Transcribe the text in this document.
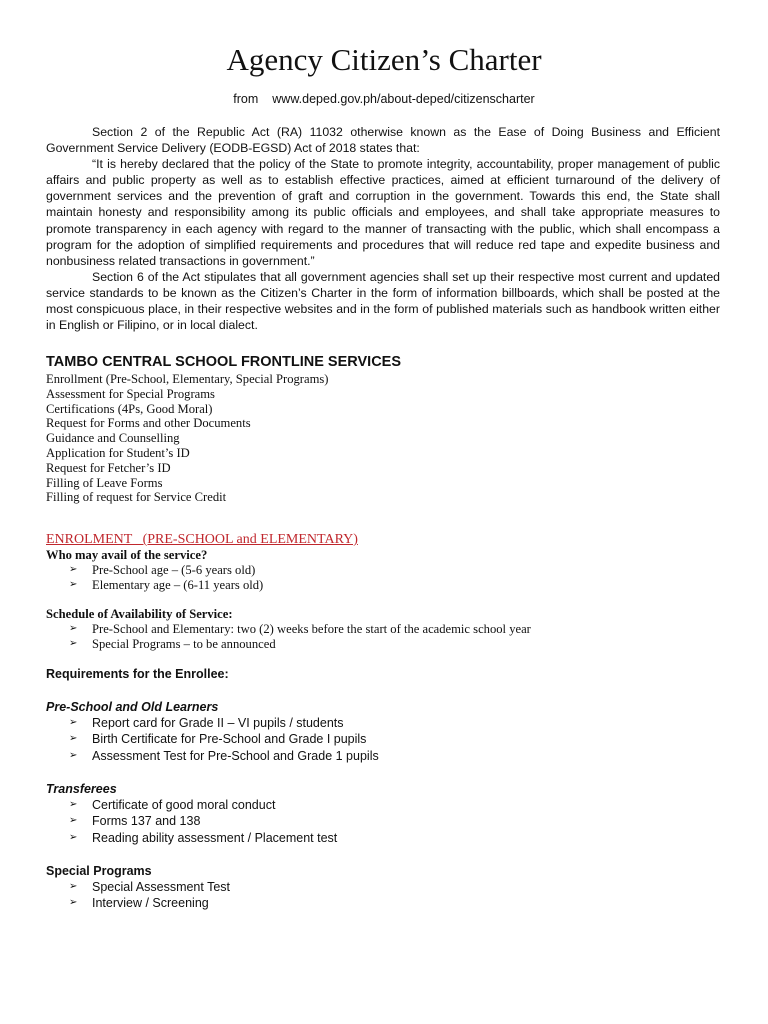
Agency Citizen’s Charter
from www.deped.gov.ph/about-deped/citizenscharter

Section 2 of the Republic Act (RA) 11032 otherwise known as the Ease of Doing Business and Efficient Government Service Delivery (EODB-EGSD) Act of 2018 states that:

“It is hereby declared that the policy of the State to promote integrity, accountability, proper management of public affairs and public property as well as to establish effective practices, aimed at efficient turnaround of the delivery of government services and the prevention of graft and corruption in the government. Towards this end, the State shall maintain honesty and responsibility among its public officials and employees, and shall take appropriate measures to promote transparency in each agency with regard to the manner of transacting with the public, which shall encompass a program for the adoption of simplified requirements and procedures that will reduce red tape and expedite business and nonbusiness related transactions in government.”

Section 6 of the Act stipulates that all government agencies shall set up their respective most current and updated service standards to be known as the Citizen’s Charter in the form of information billboards, which shall be posted at the most conspicuous place, in their respective websites and in the form of published materials such as handbook written either in English or Filipino, or in local dialect.

TAMBO CENTRAL SCHOOL FRONTLINE SERVICES
Enrollment (Pre-School, Elementary, Special Programs)
Assessment for Special Programs
Certifications (4Ps, Good Moral)
Request for Forms and other Documents
Guidance and Counselling
Application for Student’s ID
Request for Fetcher’s ID
Filling of Leave Forms
Filling of request for Service Credit
ENROLMENT   (PRE-SCHOOL and ELEMENTARY)
Who may avail of the service?
➢ Pre-School age – (5-6 years old)
➢ Elementary age – (6-11 years old)
Schedule of Availability of Service:
➢ Pre-School and Elementary: two (2) weeks before the start of the academic school year
➢ Special Programs – to be announced
Requirements for the Enrollee:
Pre-School and Old Learners
➢ Report card for Grade II – VI pupils / students
➢ Birth Certificate for Pre-School and Grade I pupils
➢ Assessment Test for Pre-School and Grade 1 pupils
Transferees
➢ Certificate of good moral conduct
➢ Forms 137 and 138
➢ Reading ability assessment / Placement test
Special Programs
➢ Special Assessment Test
➢ Interview / Screening
